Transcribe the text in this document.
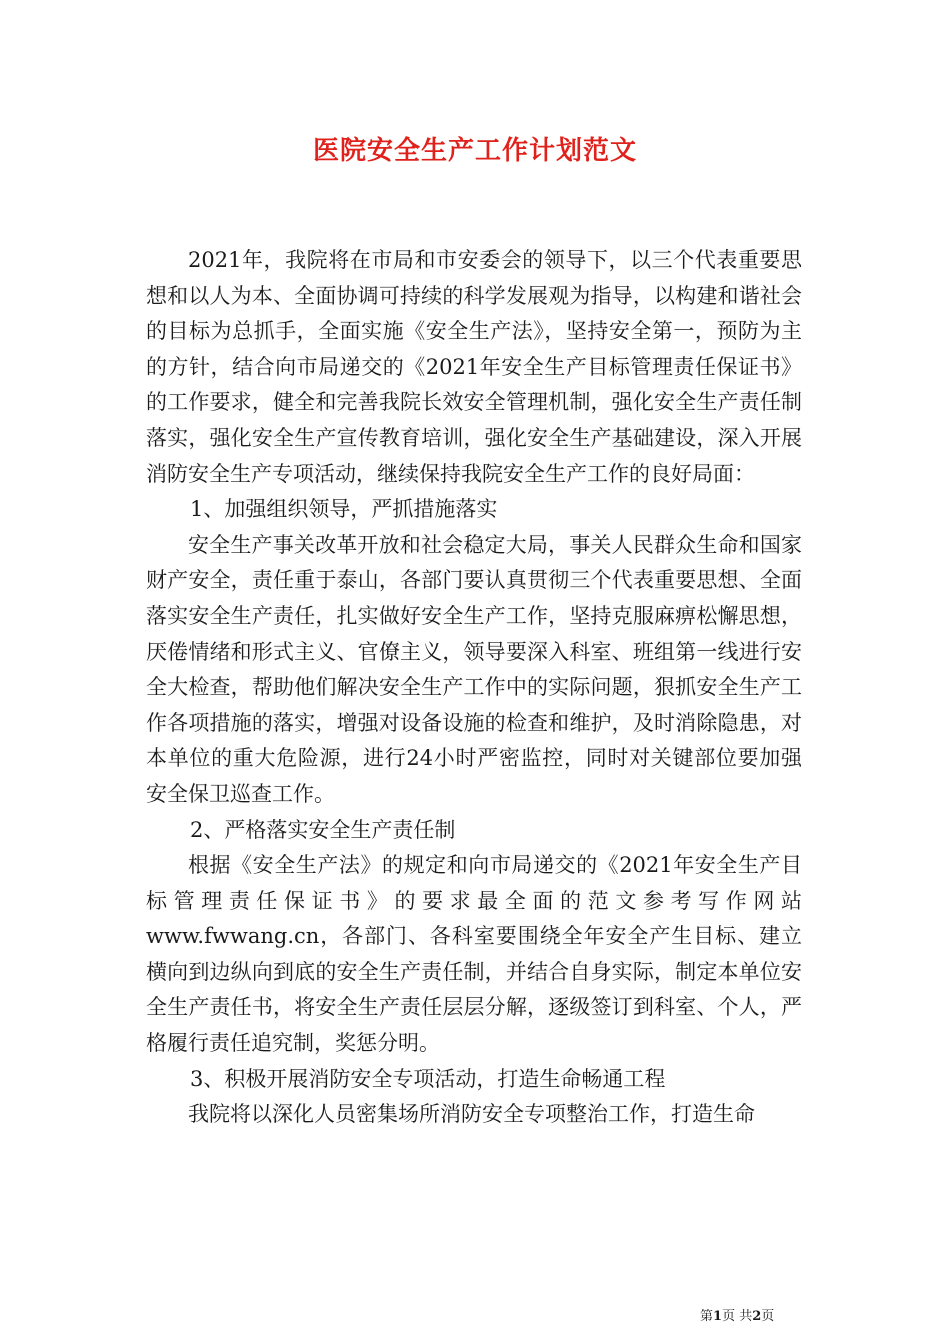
医院安全生产工作计划范文

2021年，我院将在市局和市安委会的领导下，以三个代表重要思想和以人为本、全面协调可持续的科学发展观为指导，以构建和谐社会的目标为总抓手，全面实施《安全生产法》，坚持安全第一，预防为主的方针，结合向市局递交的《2021年安全生产目标管理责任保证书》的工作要求，健全和完善我院长效安全管理机制，强化安全生产责任制落实，强化安全生产宣传教育培训，强化安全生产基础建设，深入开展消防安全生产专项活动，继续保持我院安全生产工作的良好局面：

1、加强组织领导，严抓措施落实

安全生产事关改革开放和社会稳定大局，事关人民群众生命和国家财产安全，责任重于泰山，各部门要认真贯彻三个代表重要思想、全面落实安全生产责任，扎实做好安全生产工作，坚持克服麻痹松懈思想，厌倦情绪和形式主义、官僚主义，领导要深入科室、班组第一线进行安全大检查，帮助他们解决安全生产工作中的实际问题，狠抓安全生产工作各项措施的落实，增强对设备设施的检查和维护，及时消除隐患，对本单位的重大危险源，进行24小时严密监控，同时对关键部位要加强安全保卫巡查工作。

2、严格落实安全生产责任制

根据《安全生产法》的规定和向市局递交的《2021年安全生产目标管理责任保证书》的要求最全面的范文参考写作网站www.fwwang.cn，各部门、各科室要围绕全年安全产生目标、建立横向到边纵向到底的安全生产责任制，并结合自身实际，制定本单位安全生产责任书，将安全生产责任层层分解，逐级签订到科室、个人，严格履行责任追究制，奖惩分明。

3、积极开展消防安全专项活动，打造生命畅通工程

我院将以深化人员密集场所消防安全专项整治工作，打造生命

第1页 共2页
